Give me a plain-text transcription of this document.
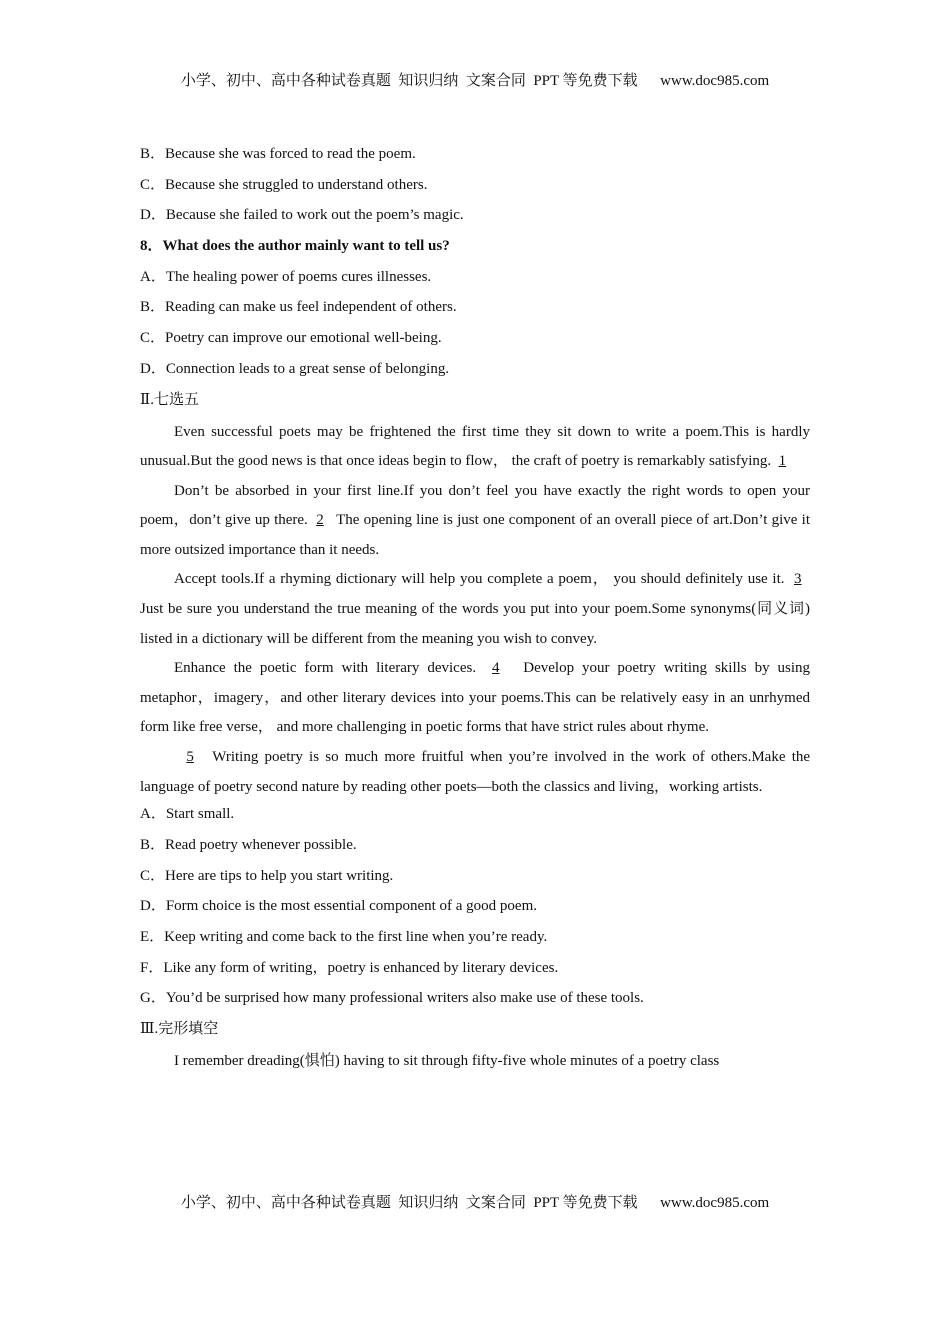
小学、初中、高中各种试卷真题  知识归纳  文案合同  PPT 等免费下载      www.doc985.com
B．Because she was forced to read the poem.
C．Because she struggled to understand others.
D．Because she failed to work out the poem’s magic.
8．What does the author mainly want to tell us?
A．The healing power of poems cures illnesses.
B．Reading can make us feel independent of others.
C．Poetry can improve our emotional well-being.
D．Connection leads to a great sense of belonging.
Ⅱ.七选五

Even successful poets may be frightened the first time they sit down to write a poem.This is hardly unusual.But the good news is that once ideas begin to flow， the craft of poetry is remarkably satisfying. 1

Don’t be absorbed in your first line.If you don’t feel you have exactly the right words to open your poem，don’t give up there. 2   The opening line is just one component of an overall piece of art.Don’t give it more outsized importance than it needs.

Accept tools.If a rhyming dictionary will help you complete a poem， you should definitely use it. 3   Just be sure you understand the true meaning of the words you put into your poem.Some synonyms(同义词) listed in a dictionary will be different from the meaning you wish to convey.

Enhance the poetic form with literary devices. 4   Develop your poetry writing skills by using metaphor，imagery，and other literary devices into your poems.This can be relatively easy in an unrhymed form like free verse， and more challenging in poetic forms that have strict rules about rhyme.

5   Writing poetry is so much more fruitful when you’re involved in the work of others.Make the language of poetry second nature by reading other poets—both the classics and living，working artists.

A．Start small.
B．Read poetry whenever possible.
C．Here are tips to help you start writing.
D．Form choice is the most essential component of a good poem.
E．Keep writing and come back to the first line when you’re ready.
F．Like any form of writing，poetry is enhanced by literary devices.
G．You’d be surprised how many professional writers also make use of these tools.
Ⅲ.完形填空

I remember dreading(惧怕) having to sit through fifty-five whole minutes of a poetry class

小学、初中、高中各种试卷真题  知识归纳  文案合同  PPT 等免费下载      www.doc985.com
